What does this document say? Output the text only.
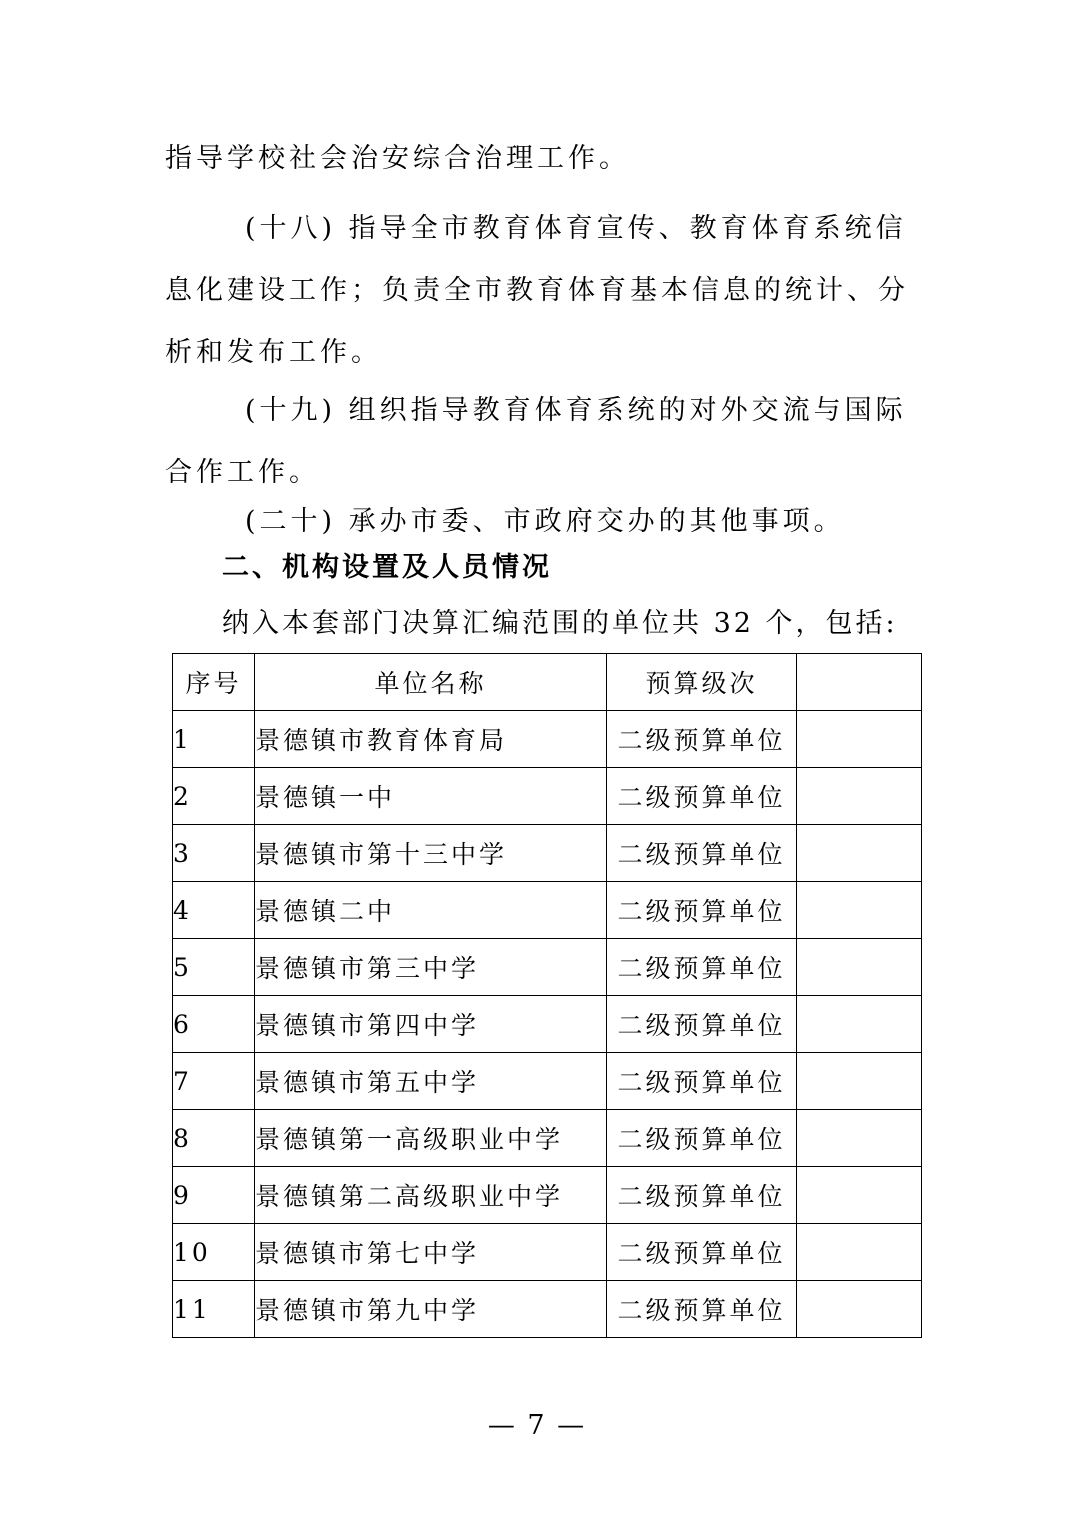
指导学校社会治安综合治理工作。

(十八) 指导全市教育体育宣传、教育体育系统信息化建设工作；负责全市教育体育基本信息的统计、分析和发布工作。

(十九) 组织指导教育体育系统的对外交流与国际合作工作。

(二十) 承办市委、市政府交办的其他事项。

二、机构设置及人员情况

纳入本套部门决算汇编范围的单位共 32 个，包括:

序号	单位名称	预算级次	
1	景德镇市教育体育局	二级预算单位	
2	景德镇一中	二级预算单位	
3	景德镇市第十三中学	二级预算单位	
4	景德镇二中	二级预算单位	
5	景德镇市第三中学	二级预算单位	
6	景德镇市第四中学	二级预算单位	
7	景德镇市第五中学	二级预算单位	
8	景德镇第一高级职业中学	二级预算单位	
9	景德镇第二高级职业中学	二级预算单位	
10	景德镇市第七中学	二级预算单位	
11	景德镇市第九中学	二级预算单位	
— 7 —
